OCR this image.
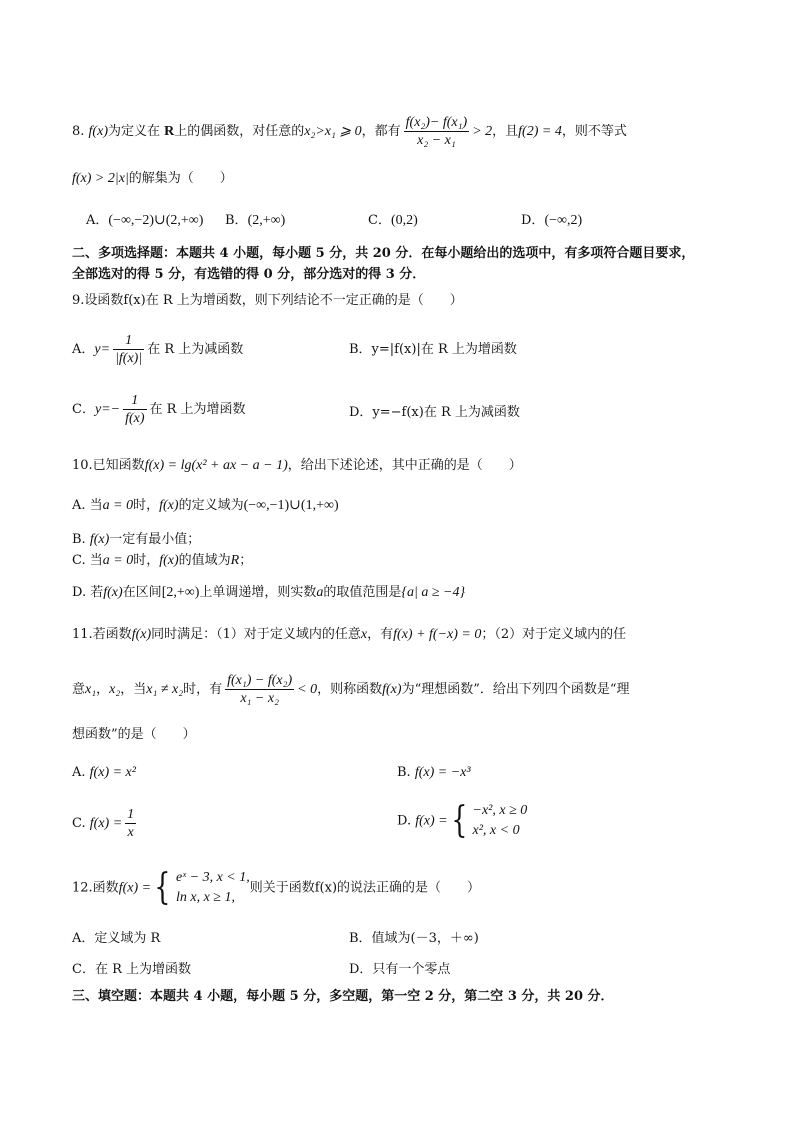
8. f(x)为定义在 R上的偶函数，对任意的x₂>x₁ ⩾ 0，都有 $\frac{\text{f(x₂)− f(x₁)}}{\text{x₂ − x₁}} > 2$，且f(2) = 4，则不等式
f(x) > 2|x|的解集为（　　）
A．(−∞,−2)∪(2,+∞) B．(2,+∞)	C．(0,2)	D．(−∞,2)
二、多项选择题：本题共 4 小题，每小题 5 分，共 20 分．在每小题给出的选项中，有多项符合题目要求，
全部选对的得 5 分，有选错的得 0 分，部分选对的得 3 分．
9.设函数f(x)在 R 上为增函数，则下列结论不一定正确的是（　　）
A．$y= \frac{1}{|f(x)|}$ 在 R 上为减函数	B．y=|f(x)|在 R 上为增函数
C．$y=- \frac{1}{f(x)}$ 在 R 上为增函数	D．y=−f(x)在 R 上为减函数
10.已知函数f(x) = lg(x² + ax − a − 1)，给出下述论述，其中正确的是（　　）
A. 当a = 0时，f(x)的定义域为(−∞,−1)∪(1,+∞)
B. f(x)一定有最小值；
C. 当a = 0时，f(x)的值域为R；
D. 若f(x)在区间[2,+∞)上单调递增，则实数a的取值范围是{a| a ≥ −4}
11.若函数f(x)同时满足：（1）对于定义域内的任意x，有f(x) + f(−x) = 0；（2）对于定义域内的任
意x₁，x₂，当x₁ ≠ x₂时，有 $\frac{\text{f(x₁) − f(x₂)}}{\text{x₁ − x₂}} < 0$，则称函数f(x)为“理想函数”．给出下列四个函数是“理
想函数”的是（　　）
A. f(x) = x²	B. f(x) = −x³
C. $f(x) = \frac{1}{x}$	D. f(x) ={ −x², x ≥ 0
x², x < 0
12.函数f(x) ={ eˣ − 3, x < 1,
ln x, x ≥ 1,
则关于函数f(x)的说法正确的是（　　）
A．定义域为 R	B．值域为(－3，＋∞)
C．在 R 上为增函数	D．只有一个零点
三、填空题：本题共 4 小题，每小题 5 分，多空题，第一空 2 分，第二空 3 分，共 20 分．
